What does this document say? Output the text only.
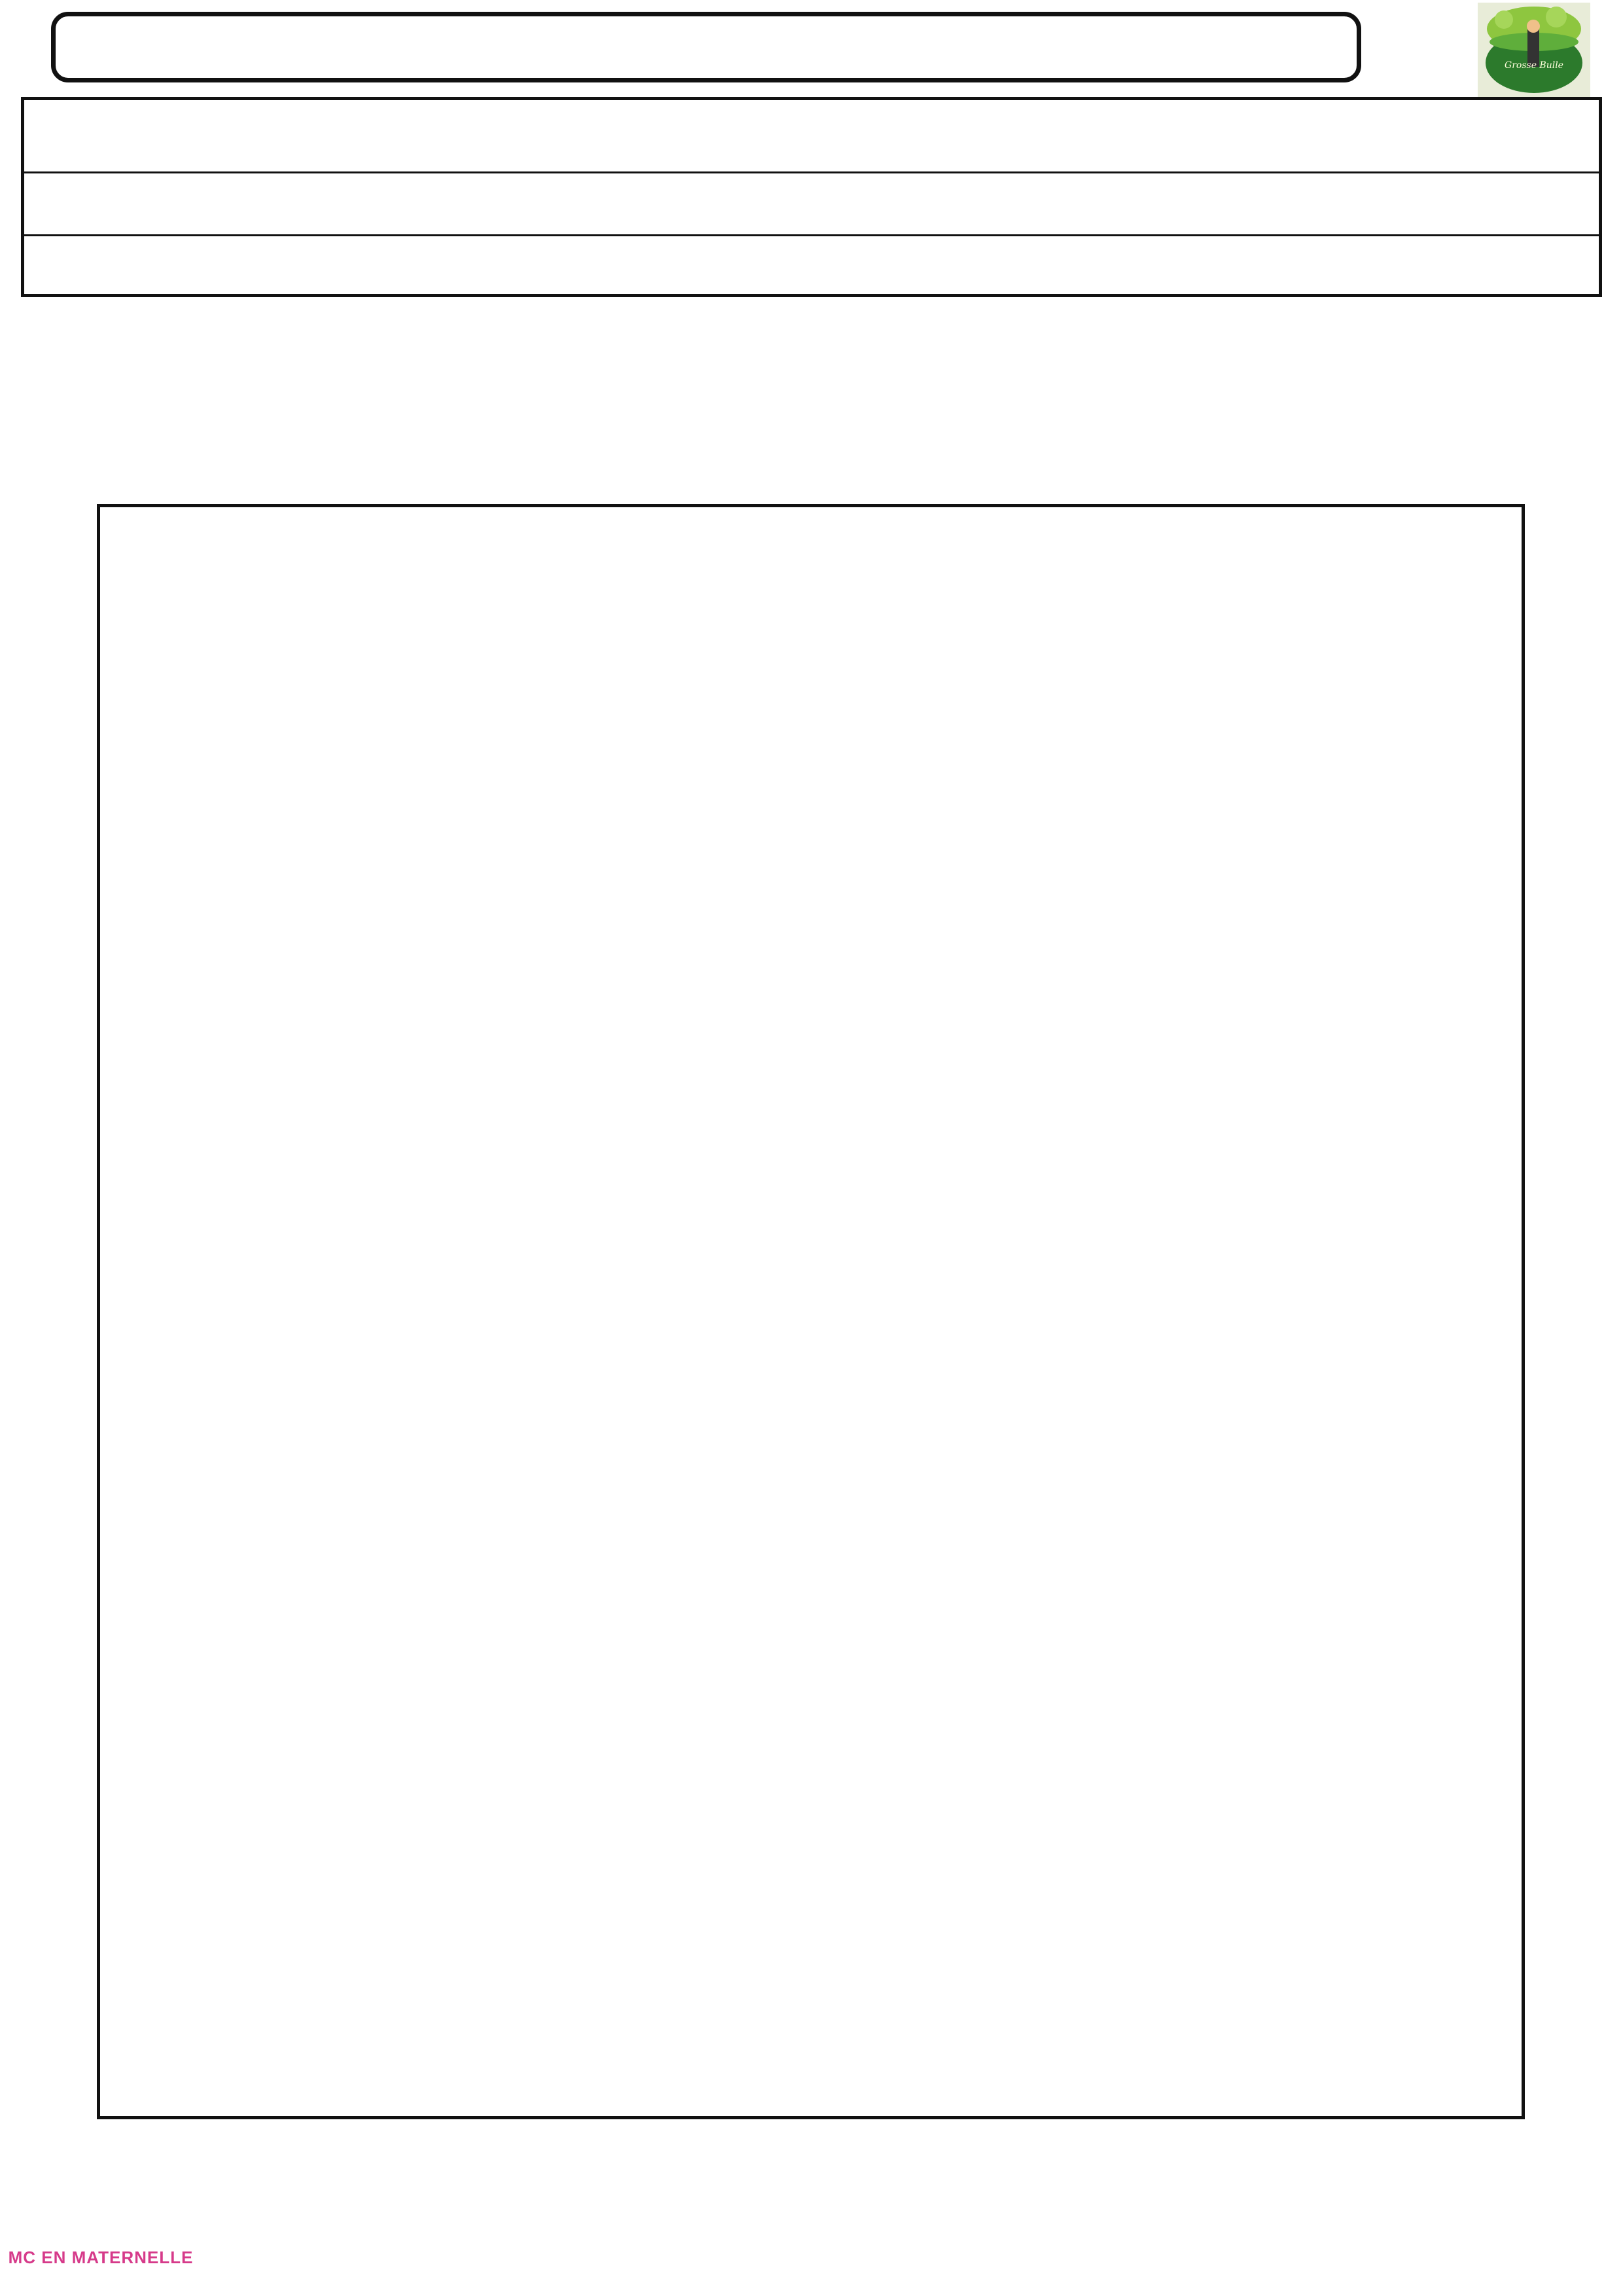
Grosse Bulle

MC EN MATERNELLE
